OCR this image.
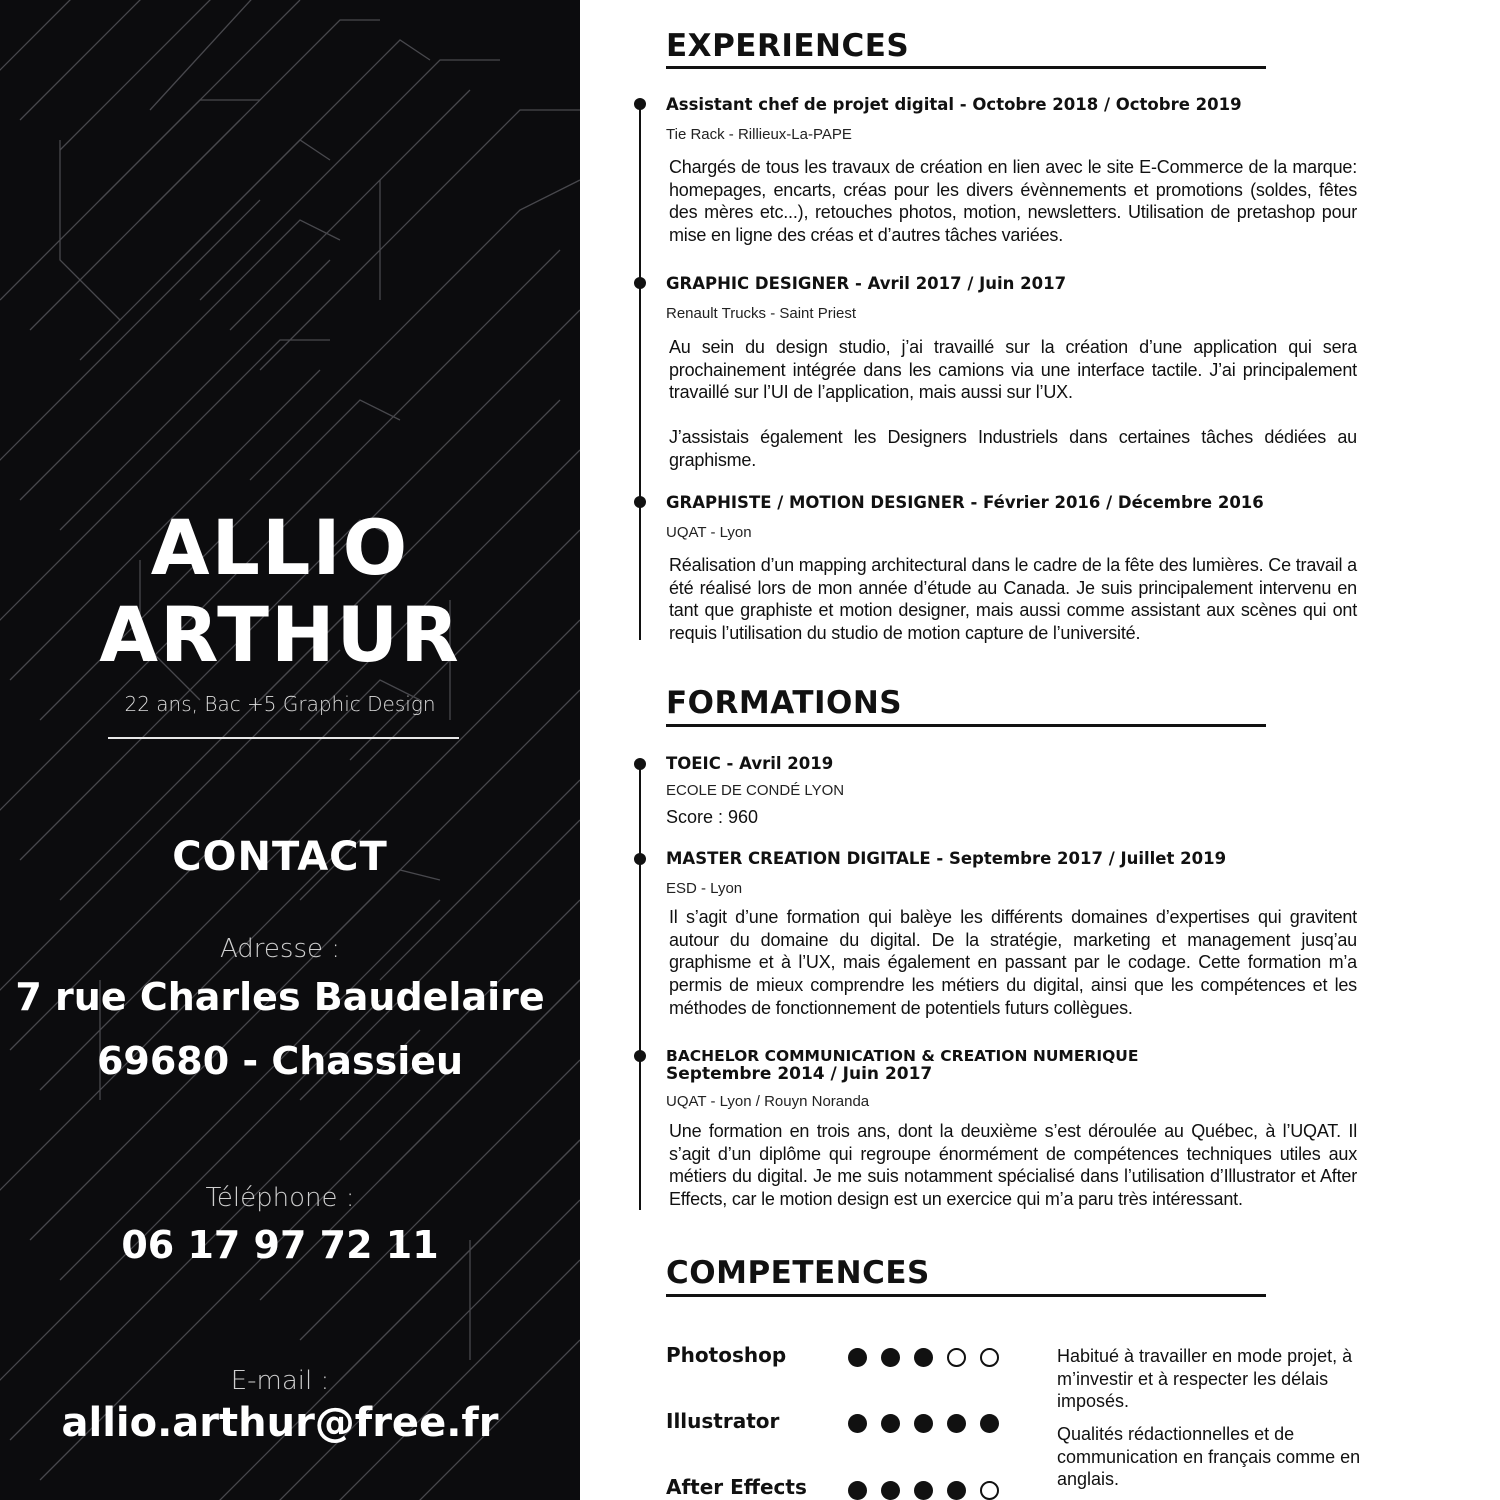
ALLIO
ARTHUR
22 ans, Bac +5 Graphic Design
CONTACT
Adresse :
7 rue Charles Baudelaire
69680 - Chassieu
Téléphone :
06 17 97 72 11
E-mail :
allio.arthur@free.fr
EXPERIENCES
Assistant chef de projet digital - Octobre 2018 / Octobre 2019
Tie Rack - Rillieux-La-PAPE
Chargés de tous les travaux de création en lien avec le site E-Commerce de la marque: homepages, encarts, créas pour les divers évènnements et promotions (soldes, fêtes des mères etc...), retouches photos, motion, newsletters. Utilisation de pretashop pour mise en ligne des créas et d’autres tâches variées.
GRAPHIC DESIGNER - Avril 2017 / Juin 2017
Renault Trucks - Saint Priest
Au sein du design studio, j’ai travaillé sur la création d’une application qui sera prochainement intégrée dans les camions via une interface tactile. J’ai principalement travaillé sur l’UI de l’application, mais aussi sur l’UX.
J’assistais également les Designers Industriels dans certaines tâches dédiées au graphisme.
GRAPHISTE / MOTION DESIGNER - Février 2016 / Décembre 2016
UQAT - Lyon
Réalisation d’un mapping architectural dans le cadre de la fête des lumières. Ce travail a été réalisé lors de mon année d’étude au Canada. Je suis principalement intervenu en tant que graphiste et motion designer, mais aussi comme assistant aux scènes qui ont requis l’utilisation du studio de motion capture de l’université.
FORMATIONS
TOEIC - Avril 2019
ECOLE DE CONDÉ LYON
Score : 960
MASTER CREATION DIGITALE - Septembre 2017 / Juillet 2019
ESD - Lyon
Il s’agit d’une formation qui balèye les différents domaines d’expertises qui gravitent autour du domaine du digital. De la stratégie, marketing et management jusq’au graphisme et à l’UX, mais également en passant par le codage. Cette formation m’a permis de mieux comprendre les métiers du digital, ainsi que les compétences et les méthodes de fonctionnement de potentiels futurs collègues.
BACHELOR COMMUNICATION & CREATION NUMERIQUE
Septembre 2014 / Juin 2017
UQAT - Lyon / Rouyn Noranda
Une formation en trois ans, dont la deuxième s’est déroulée au Québec, à l’UQAT. Il s’agit d’un diplôme qui regroupe énormément de compétences techniques utiles aux métiers du digital. Je me suis notamment spécialisé dans l’utilisation d’Illustrator et After Effects, car le motion design est un exercice qui m’a paru très intéressant.
COMPETENCES
Photoshop
Illustrator
After Effects
Habitué à travailler en mode projet, à m’investir et à respecter les délais imposés.
Qualités rédactionnelles et de communication en français comme en anglais.
